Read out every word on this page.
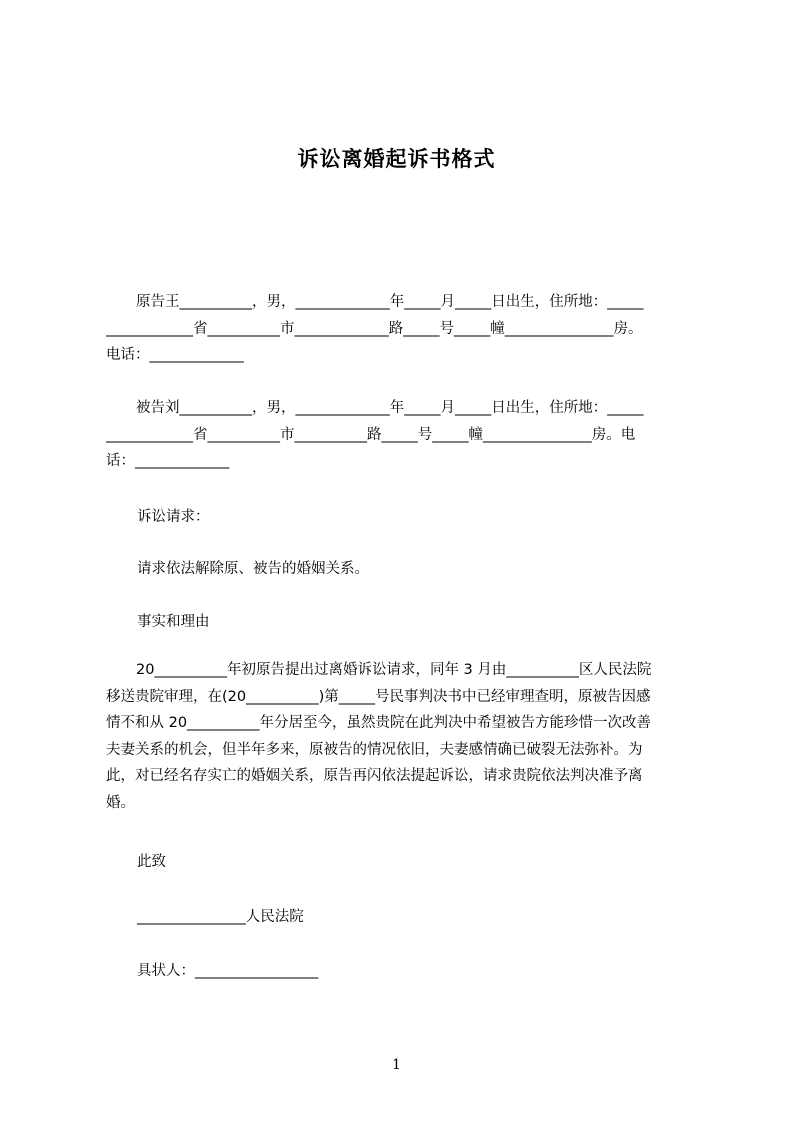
诉讼离婚起诉书格式
原告王__________，男，_____________年_____月_____日出生，住所地：_____
____________省__________市_____________路_____号_____幢_______________房。
电话：_____________
被告刘__________，男，_____________年_____月_____日出生，住所地：_____
____________省__________市__________路_____号_____幢_______________房。电
话：_____________
诉讼请求：
请求依法解除原、被告的婚姻关系。
事实和理由
20__________年初原告提出过离婚诉讼请求，同年 3 月由__________区人民法院
移送贵院审理，在(20__________)第_____号民事判决书中已经审理查明，原被告因感
情不和从 20__________年分居至今，虽然贵院在此判决中希望被告方能珍惜一次改善
夫妻关系的机会，但半年多来，原被告的情况依旧，夫妻感情确已破裂无法弥补。为
此，对已经名存实亡的婚姻关系，原告再闪依法提起诉讼，请求贵院依法判决准予离
婚。
此致
_______________人民法院
具状人：_________________
1
